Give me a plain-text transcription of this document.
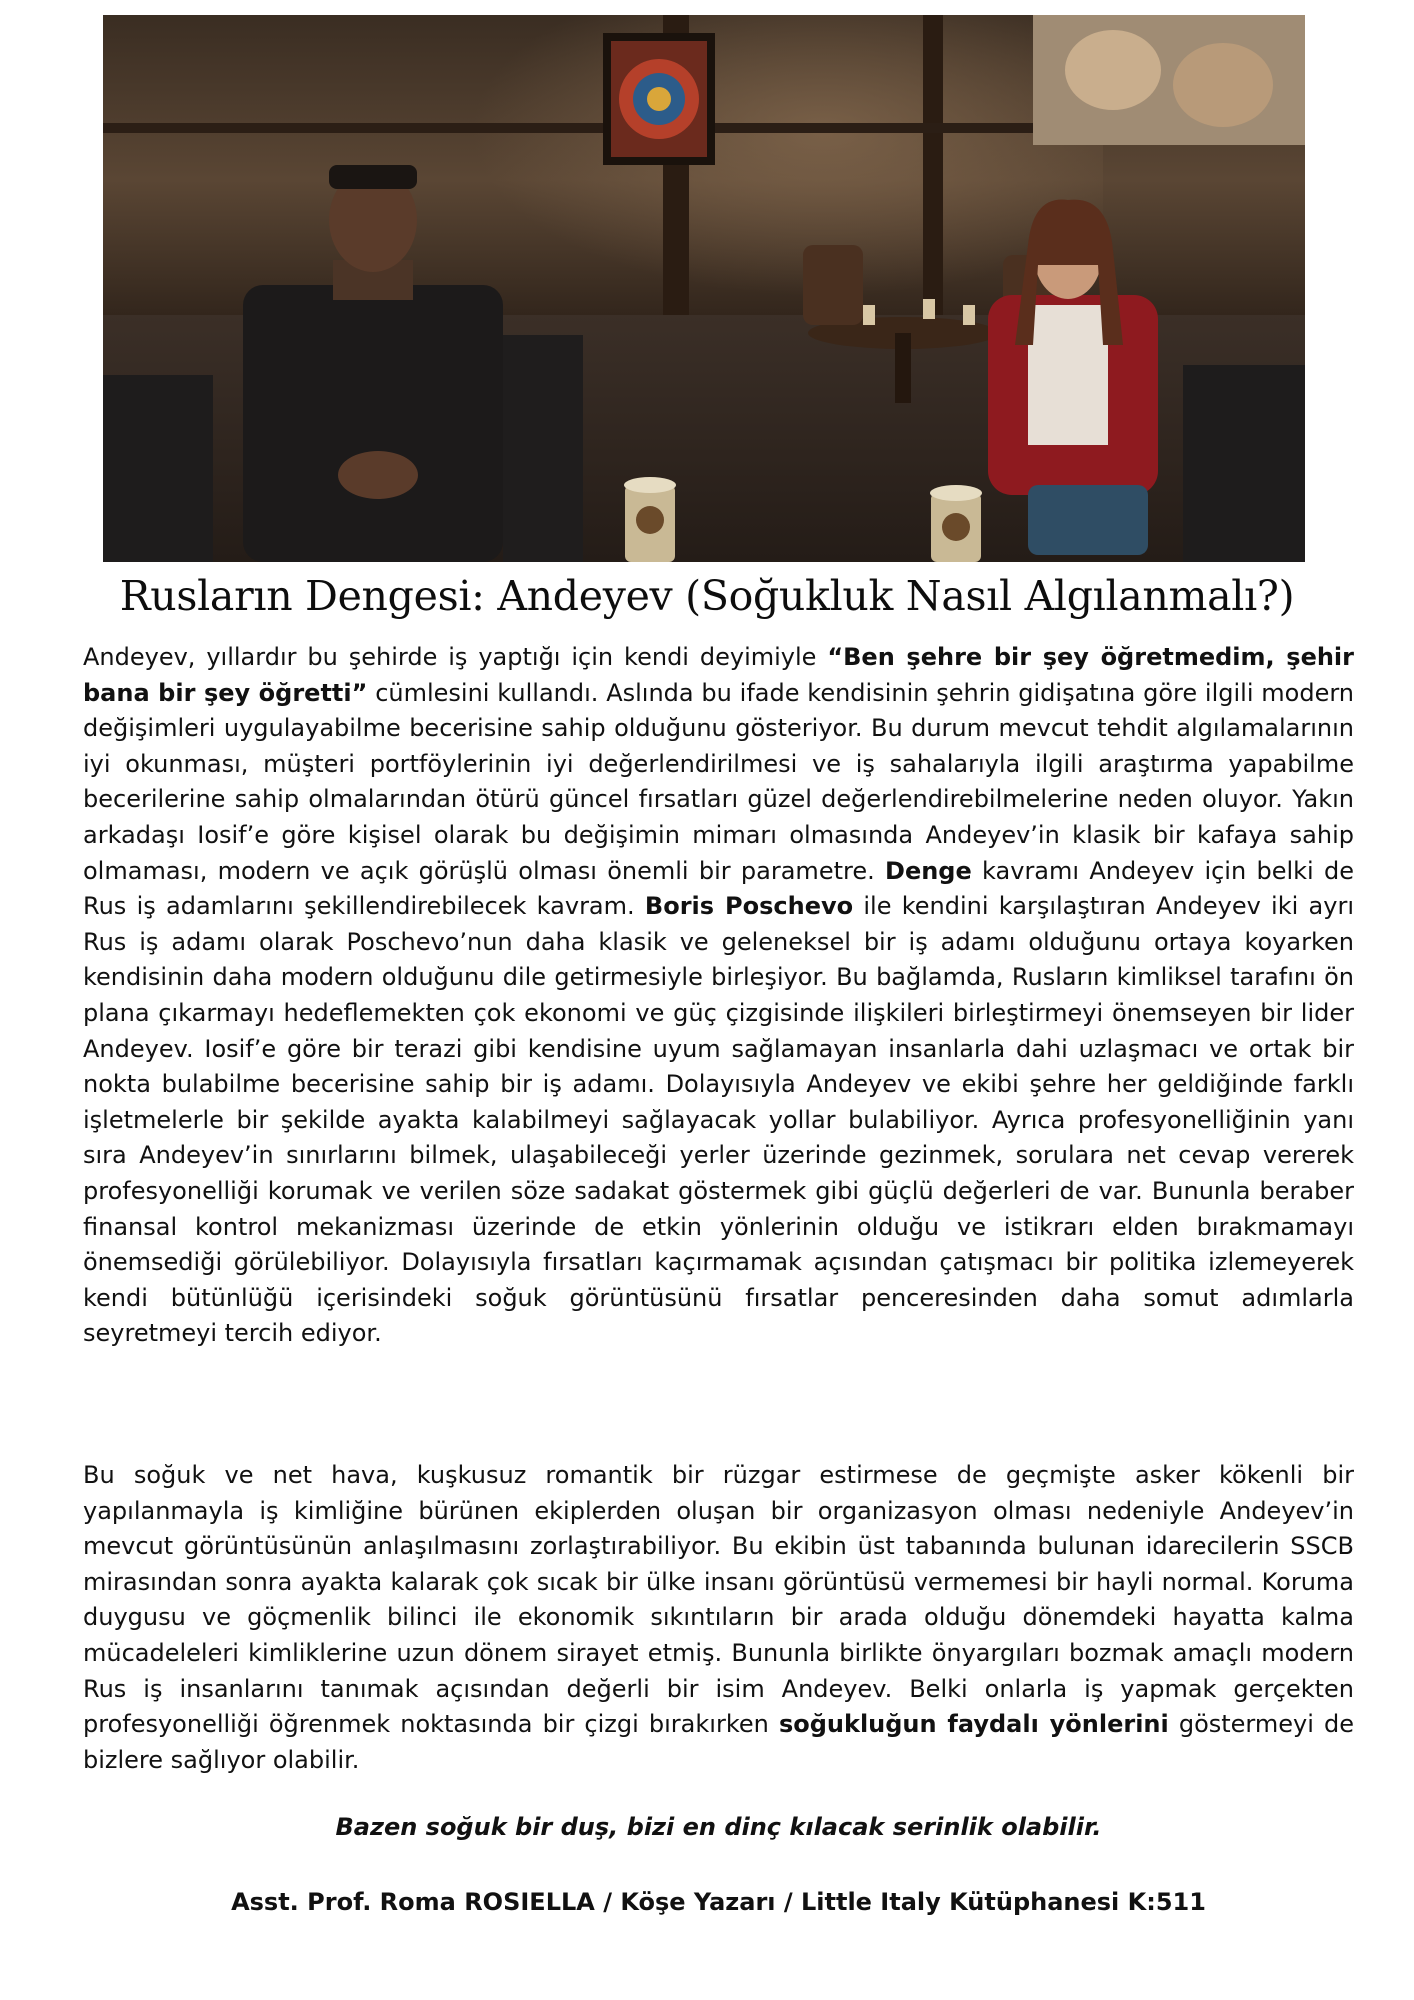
Rusların Dengesi: Andeyev (Soğukluk Nasıl Algılanmalı?)

Andeyev, yıllardır bu şehirde iş yaptığı için kendi deyimiyle “Ben şehre bir şey öğretmedim, şehir bana bir şey öğretti” cümlesini kullandı. Aslında bu ifade kendisinin şehrin gidişatına göre ilgili modern değişimleri uygulayabilme becerisine sahip olduğunu gösteriyor. Bu durum mevcut tehdit algılamalarının iyi okunması, müşteri portföylerinin iyi değerlendirilmesi ve iş sahalarıyla ilgili araştırma yapabilme becerilerine sahip olmalarından ötürü güncel fırsatları güzel değerlendirebilmelerine neden oluyor. Yakın arkadaşı Iosif’e göre kişisel olarak bu değişimin mimarı olmasında Andeyev’in klasik bir kafaya sahip olmaması, modern ve açık görüşlü olması önemli bir parametre. Denge kavramı Andeyev için belki de Rus iş adamlarını şekillendirebilecek kavram. Boris Poschevo ile kendini karşılaştıran Andeyev iki ayrı Rus iş adamı olarak Poschevo’nun daha klasik ve geleneksel bir iş adamı olduğunu ortaya koyarken kendisinin daha modern olduğunu dile getirmesiyle birleşiyor. Bu bağlamda, Rusların kimliksel tarafını ön plana çıkarmayı hedeflemekten çok ekonomi ve güç çizgisinde ilişkileri birleştirmeyi önemseyen bir lider Andeyev. Iosif’e göre bir terazi gibi kendisine uyum sağlamayan insanlarla dahi uzlaşmacı ve ortak bir nokta bulabilme becerisine sahip bir iş adamı. Dolayısıyla Andeyev ve ekibi şehre her geldiğinde farklı işletmelerle bir şekilde ayakta kalabilmeyi sağlayacak yollar bulabiliyor. Ayrıca profesyonelliğinin yanı sıra Andeyev’in sınırlarını bilmek, ulaşabileceği yerler üzerinde gezinmek, sorulara net cevap vererek profesyonelliği korumak ve verilen söze sadakat göstermek gibi güçlü değerleri de var. Bununla beraber finansal kontrol mekanizması üzerinde de etkin yönlerinin olduğu ve istikrarı elden bırakmamayı önemsediği görülebiliyor. Dolayısıyla fırsatları kaçırmamak açısından çatışmacı bir politika izlemeyerek kendi bütünlüğü içerisindeki soğuk görüntüsünü fırsatlar penceresinden daha somut adımlarla seyretmeyi tercih ediyor.

Bu soğuk ve net hava, kuşkusuz romantik bir rüzgar estirmese de geçmişte asker kökenli bir yapılanmayla iş kimliğine bürünen ekiplerden oluşan bir organizasyon olması nedeniyle Andeyev’in mevcut görüntüsünün anlaşılmasını zorlaştırabiliyor. Bu ekibin üst tabanında bulunan idarecilerin SSCB mirasından sonra ayakta kalarak çok sıcak bir ülke insanı görüntüsü vermemesi bir hayli normal. Koruma duygusu ve göçmenlik bilinci ile ekonomik sıkıntıların bir arada olduğu dönemdeki hayatta kalma mücadeleleri kimliklerine uzun dönem sirayet etmiş. Bununla birlikte önyargıları bozmak amaçlı modern Rus iş insanlarını tanımak açısından değerli bir isim Andeyev. Belki onlarla iş yapmak gerçekten profesyonelliği öğrenmek noktasında bir çizgi bırakırken soğukluğun faydalı yönlerini göstermeyi de bizlere sağlıyor olabilir.

Bazen soğuk bir duş, bizi en dinç kılacak serinlik olabilir.

Asst. Prof. Roma ROSIELLA / Köşe Yazarı / Little Italy Kütüphanesi K:511
